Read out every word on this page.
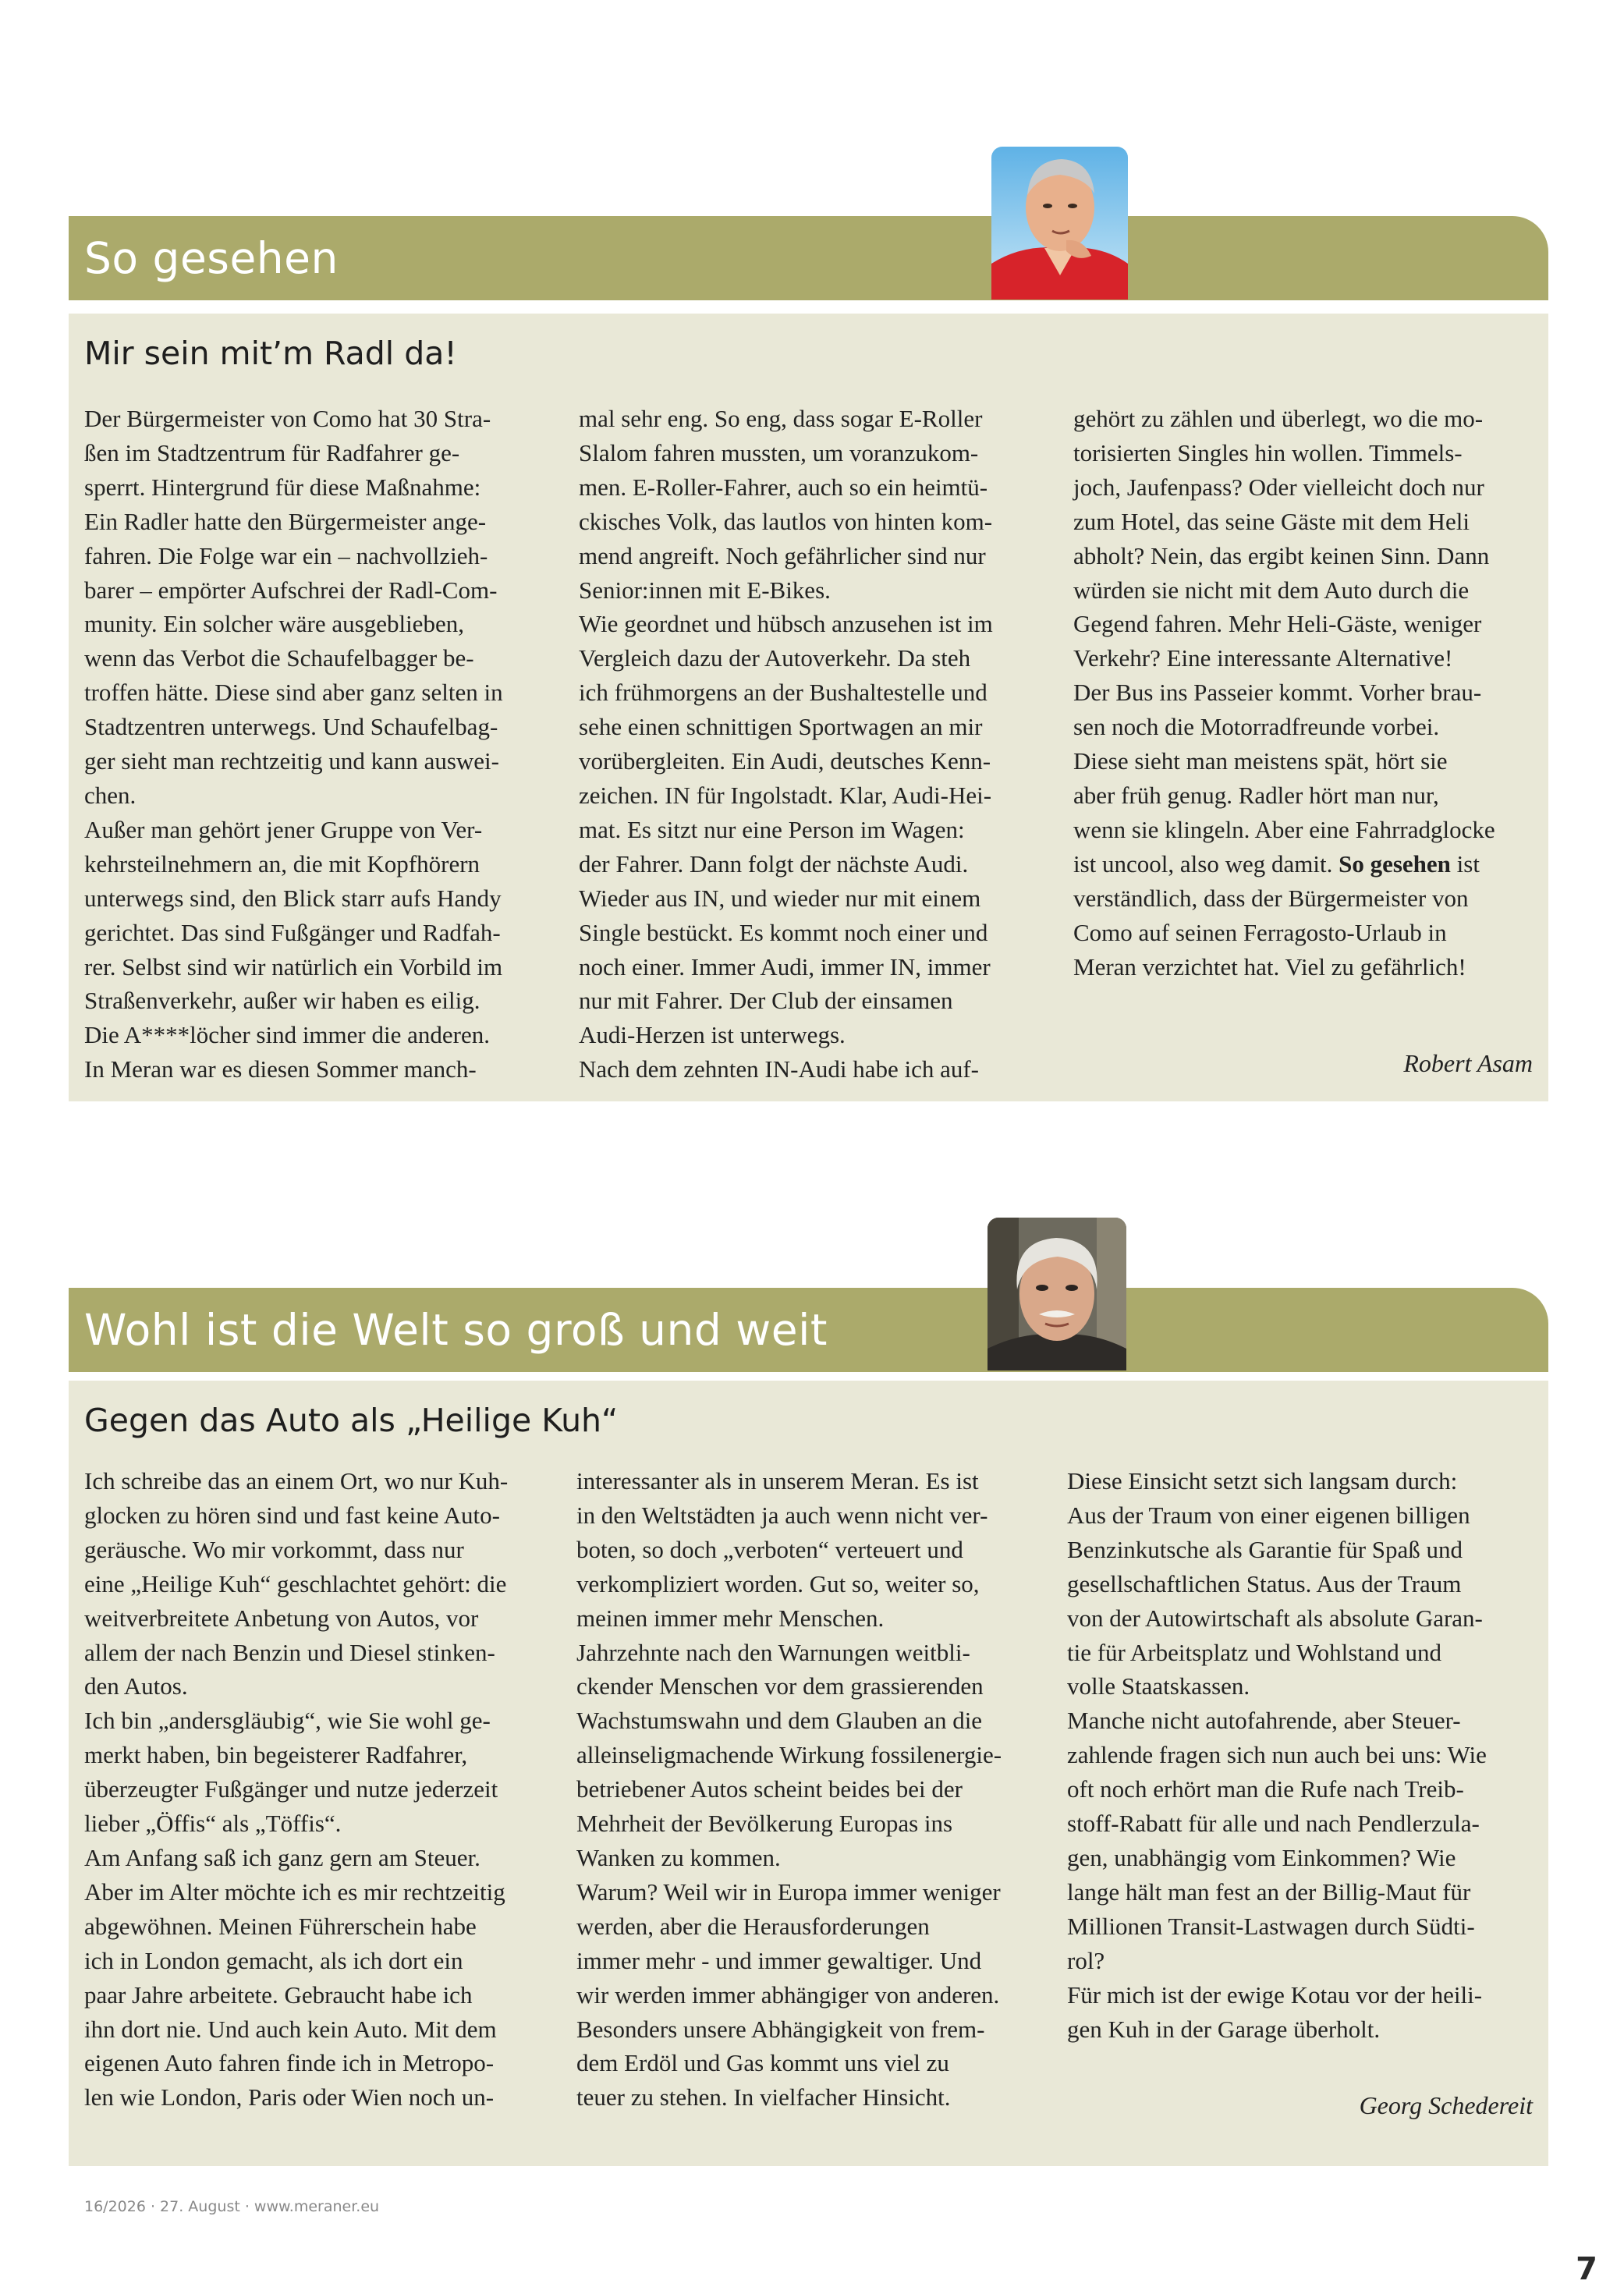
So gesehen
Mir sein mit’m Radl da!

Der Bürgermeister von Como hat 30 Stra-

ßen im Stadtzentrum für Radfahrer ge-

sperrt. Hintergrund für diese Maßnahme:

Ein Radler hatte den Bürgermeister ange-

fahren. Die Folge war ein – nachvollzieh-

barer – empörter Aufschrei der Radl-Com-

munity. Ein solcher wäre ausgeblieben,

wenn das Verbot die Schaufelbagger be-

troffen hätte. Diese sind aber ganz selten in

Stadtzentren unterwegs. Und Schaufelbag-

ger sieht man rechtzeitig und kann auswei-

chen.

Außer man gehört jener Gruppe von Ver-

kehrsteilnehmern an, die mit Kopfhörern

unterwegs sind, den Blick starr aufs Handy

gerichtet. Das sind Fußgänger und Radfah-

rer. Selbst sind wir natürlich ein Vorbild im

Straßenverkehr, außer wir haben es eilig.

Die A****löcher sind immer die anderen.

In Meran war es diesen Sommer manch-

mal sehr eng. So eng, dass sogar E-Roller

Slalom fahren mussten, um voranzukom-

men. E-Roller-Fahrer, auch so ein heimtü-

ckisches Volk, das lautlos von hinten kom-

mend angreift. Noch gefährlicher sind nur

Senior:innen mit E-Bikes.

Wie geordnet und hübsch anzusehen ist im

Vergleich dazu der Autoverkehr. Da steh

ich frühmorgens an der Bushaltestelle und

sehe einen schnittigen Sportwagen an mir

vorübergleiten. Ein Audi, deutsches Kenn-

zeichen. IN für Ingolstadt. Klar, Audi-Hei-

mat. Es sitzt nur eine Person im Wagen:

der Fahrer. Dann folgt der nächste Audi.

Wieder aus IN, und wieder nur mit einem

Single bestückt. Es kommt noch einer und

noch einer. Immer Audi, immer IN, immer

nur mit Fahrer. Der Club der einsamen

Audi-Herzen ist unterwegs.

Nach dem zehnten IN-Audi habe ich auf-

gehört zu zählen und überlegt, wo die mo-

torisierten Singles hin wollen. Timmels-

joch, Jaufenpass? Oder vielleicht doch nur

zum Hotel, das seine Gäste mit dem Heli

abholt? Nein, das ergibt keinen Sinn. Dann

würden sie nicht mit dem Auto durch die

Gegend fahren. Mehr Heli-Gäste, weniger

Verkehr? Eine interessante Alternative!

Der Bus ins Passeier kommt. Vorher brau-

sen noch die Motorradfreunde vorbei.

Diese sieht man meistens spät, hört sie

aber früh genug. Radler hört man nur,

wenn sie klingeln. Aber eine Fahrradglocke

ist uncool, also weg damit. So gesehen ist

verständlich, dass der Bürgermeister von

Como auf seinen Ferragosto-Urlaub in

Meran verzichtet hat. Viel zu gefährlich!

Robert Asam
Wohl ist die Welt so groß und weit
Gegen das Auto als „Heilige Kuh“

Ich schreibe das an einem Ort, wo nur Kuh-

glocken zu hören sind und fast keine Auto-

geräusche. Wo mir vorkommt, dass nur

eine „Heilige Kuh“ geschlachtet gehört: die

weitverbreitete Anbetung von Autos, vor

allem der nach Benzin und Diesel stinken-

den Autos.

Ich bin „andersgläubig“, wie Sie wohl ge-

merkt haben, bin begeisterer Radfahrer,

überzeugter Fußgänger und nutze jederzeit

lieber „Öffis“ als „Töffis“.

Am Anfang saß ich ganz gern am Steuer.

Aber im Alter möchte ich es mir rechtzeitig

abgewöhnen. Meinen Führerschein habe

ich in London gemacht, als ich dort ein

paar Jahre arbeitete. Gebraucht habe ich

ihn dort nie. Und auch kein Auto. Mit dem

eigenen Auto fahren finde ich in Metropo-

len wie London, Paris oder Wien noch un-

interessanter als in unserem Meran. Es ist

in den Weltstädten ja auch wenn nicht ver-

boten, so doch „verboten“ verteuert und

verkompliziert worden. Gut so, weiter so,

meinen immer mehr Menschen.

Jahrzehnte nach den Warnungen weitbli-

ckender Menschen vor dem grassierenden

Wachstumswahn und dem Glauben an die

alleinseligmachende Wirkung fossilenergie-

betriebener Autos scheint beides bei der

Mehrheit der Bevölkerung Europas ins

Wanken zu kommen.

Warum? Weil wir in Europa immer weniger

werden, aber die Herausforderungen

immer mehr - und immer gewaltiger. Und

wir werden immer abhängiger von anderen.

Besonders unsere Abhängigkeit von frem-

dem Erdöl und Gas kommt uns viel zu

teuer zu stehen. In vielfacher Hinsicht.

Diese Einsicht setzt sich langsam durch:

Aus der Traum von einer eigenen billigen

Benzinkutsche als Garantie für Spaß und

gesellschaftlichen Status. Aus der Traum

von der Autowirtschaft als absolute Garan-

tie für Arbeitsplatz und Wohlstand und

volle Staatskassen.

Manche nicht autofahrende, aber Steuer-

zahlende fragen sich nun auch bei uns: Wie

oft noch erhört man die Rufe nach Treib-

stoff-Rabatt für alle und nach Pendlerzula-

gen, unabhängig vom Einkommen? Wie

lange hält man fest an der Billig-Maut für

Millionen Transit-Lastwagen durch Südti-

rol?

Für mich ist der ewige Kotau vor der heili-

gen Kuh in der Garage überholt.

Georg Schedereit
16/2026 · 27. August · www.meraner.eu
7
